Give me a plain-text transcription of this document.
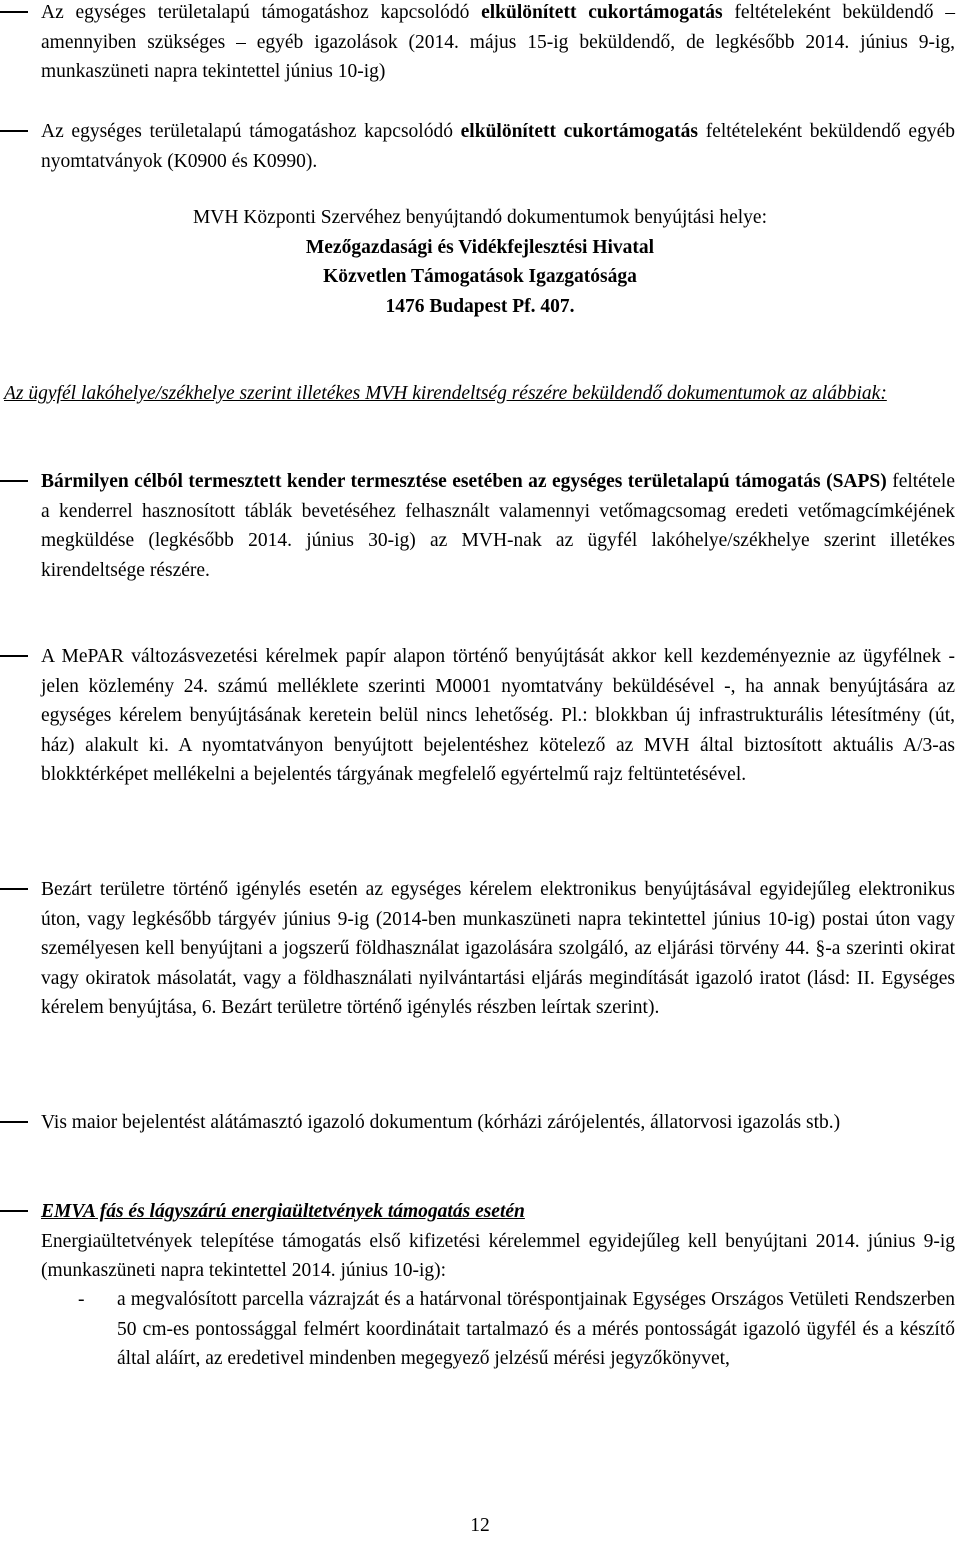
Az egységes területalapú támogatáshoz kapcsolódó elkülönített cukortámogatás feltételeként beküldendő – amennyiben szükséges – egyéb igazolások (2014. május 15-ig beküldendő, de legkésőbb 2014. június 9-ig, munkaszüneti napra tekintettel június 10-ig)
Az egységes területalapú támogatáshoz kapcsolódó elkülönített cukortámogatás feltételeként beküldendő egyéb nyomtatványok (K0900 és K0990).
MVH Központi Szervéhez benyújtandó dokumentumok benyújtási helye:
Mezőgazdasági és Vidékfejlesztési Hivatal
Közvetlen Támogatások Igazgatósága
1476 Budapest Pf. 407.
Az ügyfél lakóhelye/székhelye szerint illetékes MVH kirendeltség részére beküldendő dokumentumok az alábbiak:
Bármilyen célból termesztett kender termesztése esetében az egységes területalapú támogatás (SAPS) feltétele a kenderrel hasznosított táblák bevetéséhez felhasznált valamennyi vetőmagcsomag eredeti vetőmagcímkéjének megküldése (legkésőbb 2014. június 30-ig) az MVH-nak az ügyfél lakóhelye/székhelye szerint illetékes kirendeltsége részére.
A MePAR változásvezetési kérelmek papír alapon történő benyújtását akkor kell kezdeményeznie az ügyfélnek - jelen közlemény 24. számú melléklete szerinti M0001 nyomtatvány beküldésével -, ha annak benyújtására az egységes kérelem benyújtásának keretein belül nincs lehetőség. Pl.: blokkban új infrastrukturális létesítmény (út, ház) alakult ki. A nyomtatványon benyújtott bejelentéshez kötelező az MVH által biztosított aktuális A/3-as blokktérképet mellékelni a bejelentés tárgyának megfelelő egyértelmű rajz feltüntetésével.
Bezárt területre történő igénylés esetén az egységes kérelem elektronikus benyújtásával egyidejűleg elektronikus úton, vagy legkésőbb tárgyév június 9-ig (2014-ben munkaszüneti napra tekintettel június 10-ig) postai úton vagy személyesen kell benyújtani a jogszerű földhasználat igazolására szolgáló, az eljárási törvény 44. §-a szerinti okirat vagy okiratok másolatát, vagy a földhasználati nyilvántartási eljárás megindítását igazoló iratot (lásd: II. Egységes kérelem benyújtása, 6. Bezárt területre történő igénylés részben leírtak szerint).
Vis maior bejelentést alátámasztó igazoló dokumentum (kórházi zárójelentés, állatorvosi igazolás stb.)
EMVA fás és lágyszárú energiaültetvények támogatás esetén
Energiaültetvények telepítése támogatás első kifizetési kérelemmel egyidejűleg kell benyújtani 2014. június 9-ig (munkaszüneti napra tekintettel 2014. június 10-ig):
- a megvalósított parcella vázrajzát és a határvonal töréspontjainak Egységes Országos Vetületi Rendszerben 50 cm-es pontossággal felmért koordinátait tartalmazó és a mérés pontosságát igazoló ügyfél és a készítő által aláírt, az eredetivel mindenben megegyező jelzésű mérési jegyzőkönyvet,
12
